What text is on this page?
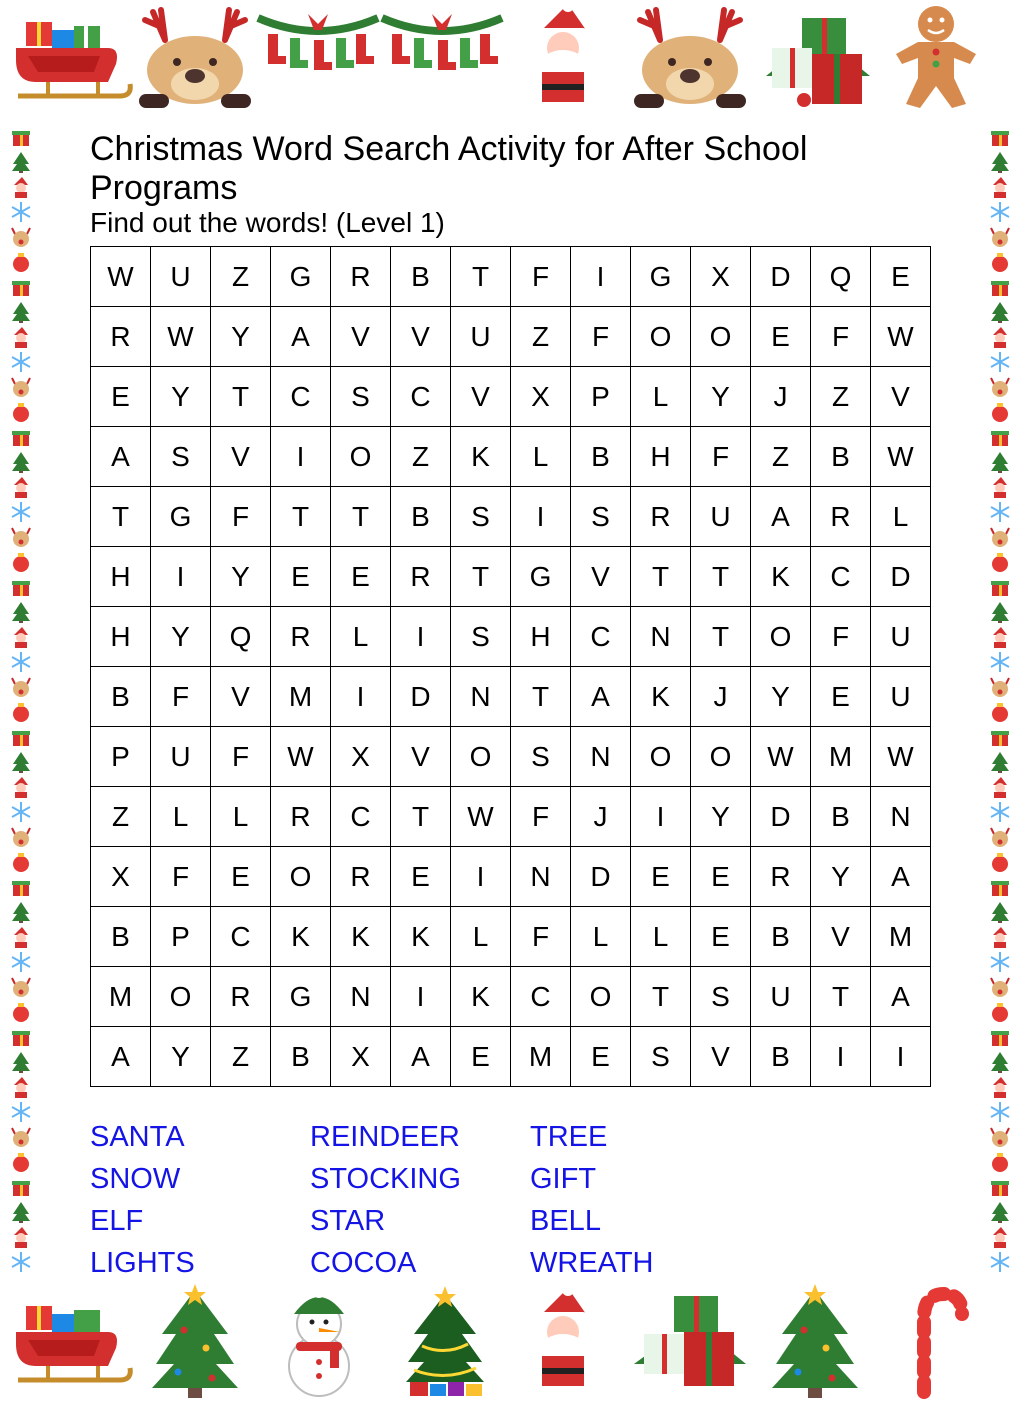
Christmas Word Search Activity for After School Programs
Find out the words! (Level 1)
W	U	Z	G	R	B	T	F	I	G	X	D	Q	E
R	W	Y	A	V	V	U	Z	F	O	O	E	F	W
E	Y	T	C	S	C	V	X	P	L	Y	J	Z	V
A	S	V	I	O	Z	K	L	B	H	F	Z	B	W
T	G	F	T	T	B	S	I	S	R	U	A	R	L
H	I	Y	E	E	R	T	G	V	T	T	K	C	D
H	Y	Q	R	L	I	S	H	C	N	T	O	F	U
B	F	V	M	I	D	N	T	A	K	J	Y	E	U
P	U	F	W	X	V	O	S	N	O	O	W	M	W
Z	L	L	R	C	T	W	F	J	I	Y	D	B	N
X	F	E	O	R	E	I	N	D	E	E	R	Y	A
B	P	C	K	K	K	L	F	L	L	E	B	V	M
M	O	R	G	N	I	K	C	O	T	S	U	T	A
A	Y	Z	B	X	A	E	M	E	S	V	B	I	I
SANTA
SNOW
ELF
LIGHTS
REINDEER
STOCKING
STAR
COCOA
TREE
GIFT
BELL
WREATH
